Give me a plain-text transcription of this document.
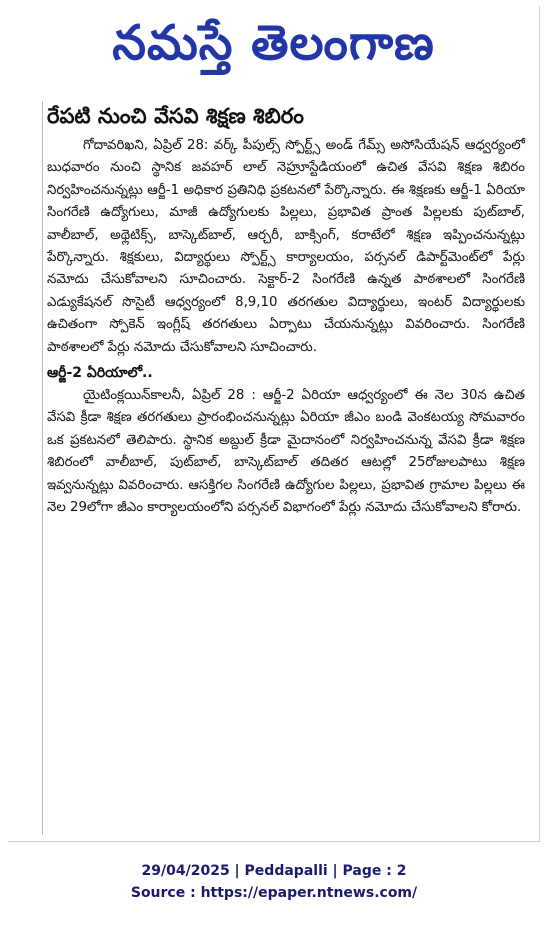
నమస్తే తెలంగాణ
రేపటి నుంచి వేసవి శిక్షణ శిబిరం

గోదావరిఖని, ఏప్రిల్ 28: వర్క్ పీపుల్స్ స్పోర్ట్స్ అండ్ గేమ్స్ అసోసియేషన్ ఆధ్వర్యంలో బుధవారం నుంచి స్థానిక జవహర్ లాల్ నెహ్రూస్టేడియంలో ఉచిత వేసవి శిక్షణ శిబిరం నిర్వహించనున్నట్లు ఆర్జీ-1 అధికార ప్రతినిధి ప్రకటనలో పేర్కొన్నారు. ఈ శిక్షణకు ఆర్జీ-1 ఏరియా సింగరేణి ఉద్యోగులు, మాజీ ఉద్యోగులకు పిల్లలు, ప్రభావిత ప్రాంత పిల్లలకు పుట్‌బాల్, వాలీబాల్, అథ్లెటిక్స్, బాస్కెట్‌బాల్, ఆర్చరీ, బాక్సింగ్, కరాటేలో శిక్షణ ఇప్పించనున్నట్లు పేర్కొన్నారు. శిక్షకులు, విద్యార్థులు స్పోర్ట్స్ కార్యాలయం, పర్సనల్ డిపార్ట్‌మెంట్‌లో పేర్లు నమోదు చేసుకోవాలని సూచించారు. సెక్టార్-2 సింగరేణి ఉన్నత పాఠశాలలో సింగరేణి ఎడ్యుకేషనల్ సొసైటీ ఆధ్వర్యంలో 8,9,10 తరగతుల విద్యార్థులు, ఇంటర్ విద్యార్థులకు ఉచితంగా స్పోకెన్ ఇంగ్లీష్ తరగతులు ఏర్పాటు చేయనున్నట్లు వివరించారు. సింగరేణి పాఠశాలలో పేర్లు నమోదు చేసుకోవాలని సూచించారు.

ఆర్జీ-2 ఏరియాలో..

యైటింక్లయిన్‌కాలనీ, ఏప్రిల్ 28 : ఆర్జీ-2 ఏరియా ఆధ్వర్యంలో ఈ నెల 30న ఉచిత వేసవి క్రీడా శిక్షణ తరగతులు ప్రారంభించనున్నట్లు ఏరియా జీఎం బండి వెంకటయ్య సోమవారం ఒక ప్రకటనలో తెలిపారు. స్థానిక అబ్దుల్ క్రీడా మైదానంలో నిర్వహించనున్న వేసవి క్రీడా శిక్షణ శిబిరంలో వాలీబాల్, పుట్‌బాల్, బాస్కెట్‌బాల్ తదితర ఆటల్లో 25రోజులపాటు శిక్షణ ఇవ్వనున్నట్లు వివరించారు. ఆసక్తిగల సింగరేణి ఉద్యోగుల పిల్లలు, ప్రభావిత గ్రామాల పిల్లలు ఈ నెల 29లోగా జీఎం కార్యాలయంలోని పర్సనల్ విభాగంలో పేర్లు నమోదు చేసుకోవాలని కోరారు.

29/04/2025 | Peddapalli | Page : 2
Source : https://epaper.ntnews.com/
